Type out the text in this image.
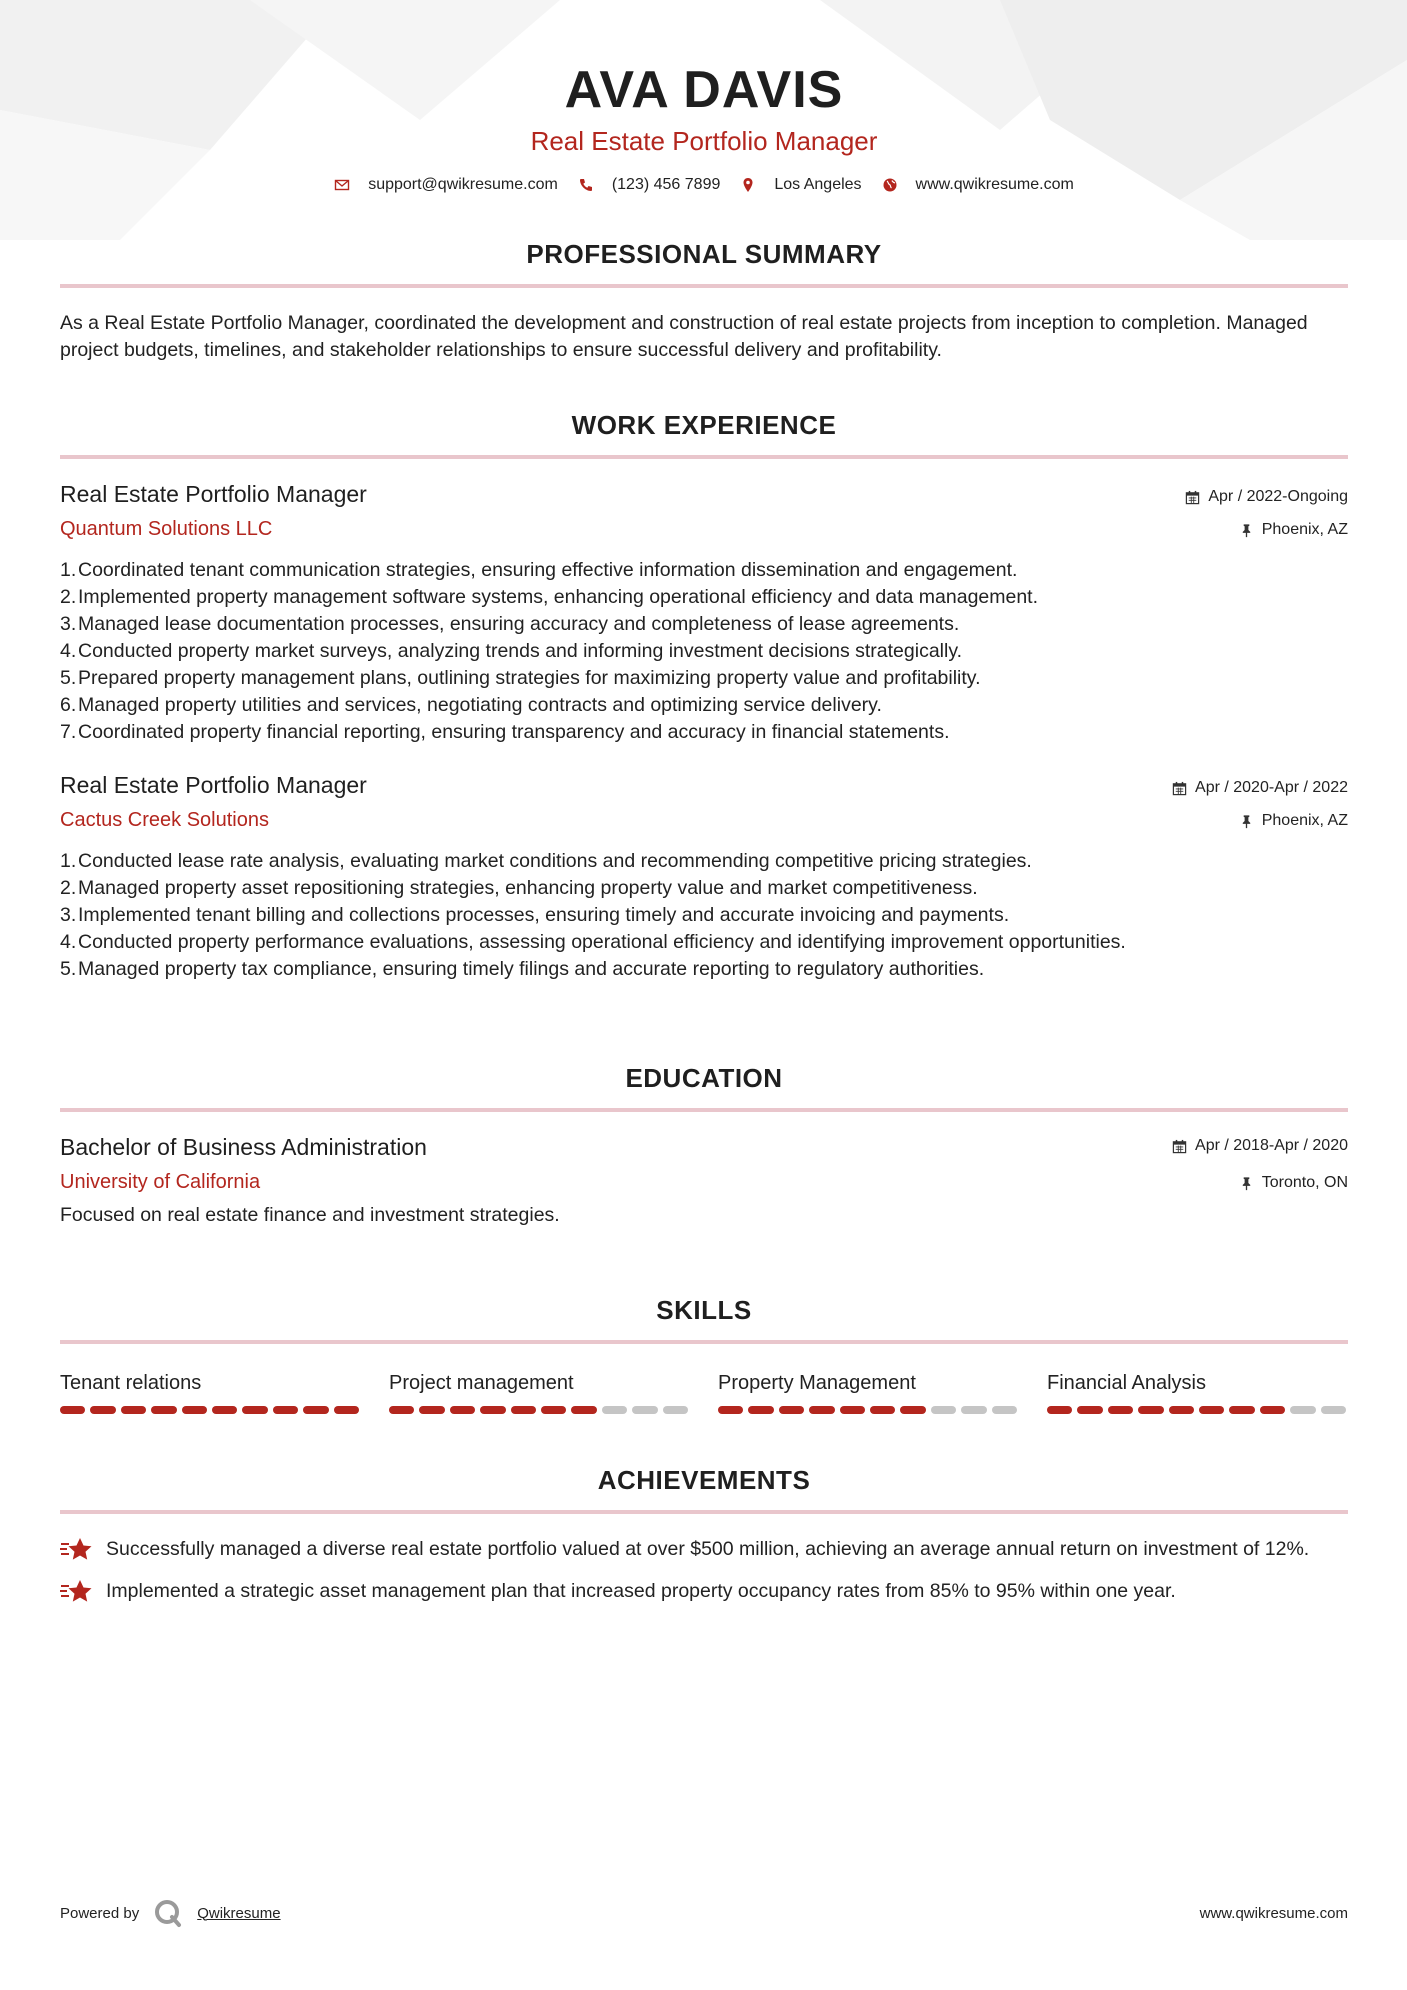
AVA DAVIS
Real Estate Portfolio Manager
support@qwikresume.com	(123) 456 7899	Los Angeles	www.qwikresume.com
PROFESSIONAL SUMMARY
As a Real Estate Portfolio Manager, coordinated the development and construction of real estate projects from inception to completion. Managed project budgets, timelines, and stakeholder relationships to ensure successful delivery and profitability.
WORK EXPERIENCE
Real Estate Portfolio Manager
Quantum Solutions LLC
Apr / 2022-Ongoing
Phoenix, AZ
1. Coordinated tenant communication strategies, ensuring effective information dissemination and engagement.
2. Implemented property management software systems, enhancing operational efficiency and data management.
3. Managed lease documentation processes, ensuring accuracy and completeness of lease agreements.
4. Conducted property market surveys, analyzing trends and informing investment decisions strategically.
5. Prepared property management plans, outlining strategies for maximizing property value and profitability.
6. Managed property utilities and services, negotiating contracts and optimizing service delivery.
7. Coordinated property financial reporting, ensuring transparency and accuracy in financial statements.
Real Estate Portfolio Manager
Cactus Creek Solutions
Apr / 2020-Apr / 2022
Phoenix, AZ
1. Conducted lease rate analysis, evaluating market conditions and recommending competitive pricing strategies.
2. Managed property asset repositioning strategies, enhancing property value and market competitiveness.
3. Implemented tenant billing and collections processes, ensuring timely and accurate invoicing and payments.
4. Conducted property performance evaluations, assessing operational efficiency and identifying improvement opportunities.
5. Managed property tax compliance, ensuring timely filings and accurate reporting to regulatory authorities.
EDUCATION
Bachelor of Business Administration
University of California
Apr / 2018-Apr / 2020
Toronto, ON
Focused on real estate finance and investment strategies.
SKILLS
Tenant relations	Project management	Property Management	Financial Analysis
ACHIEVEMENTS
Successfully managed a diverse real estate portfolio valued at over $500 million, achieving an average annual return on investment of 12%.
Implemented a strategic asset management plan that increased property occupancy rates from 85% to 95% within one year.
Powered by	Qwikresume	www.qwikresume.com
